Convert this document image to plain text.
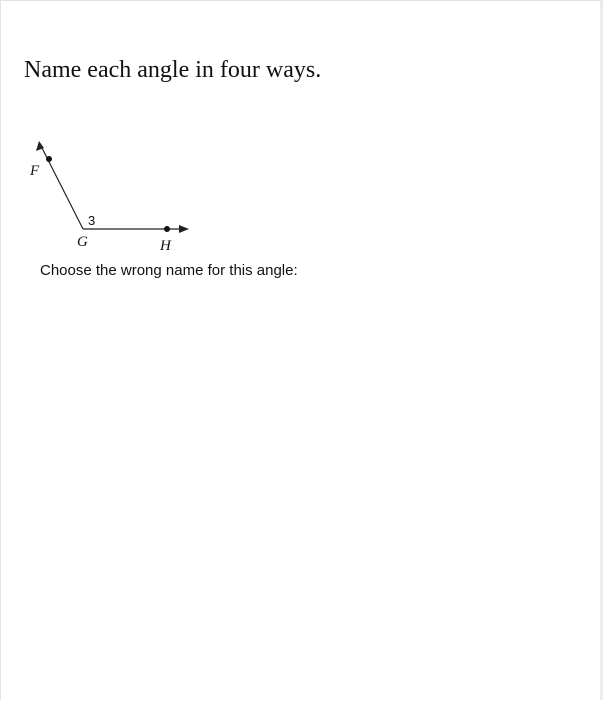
Name each angle in four ways.
F
G	H
3
Choose the wrong name for this angle:
